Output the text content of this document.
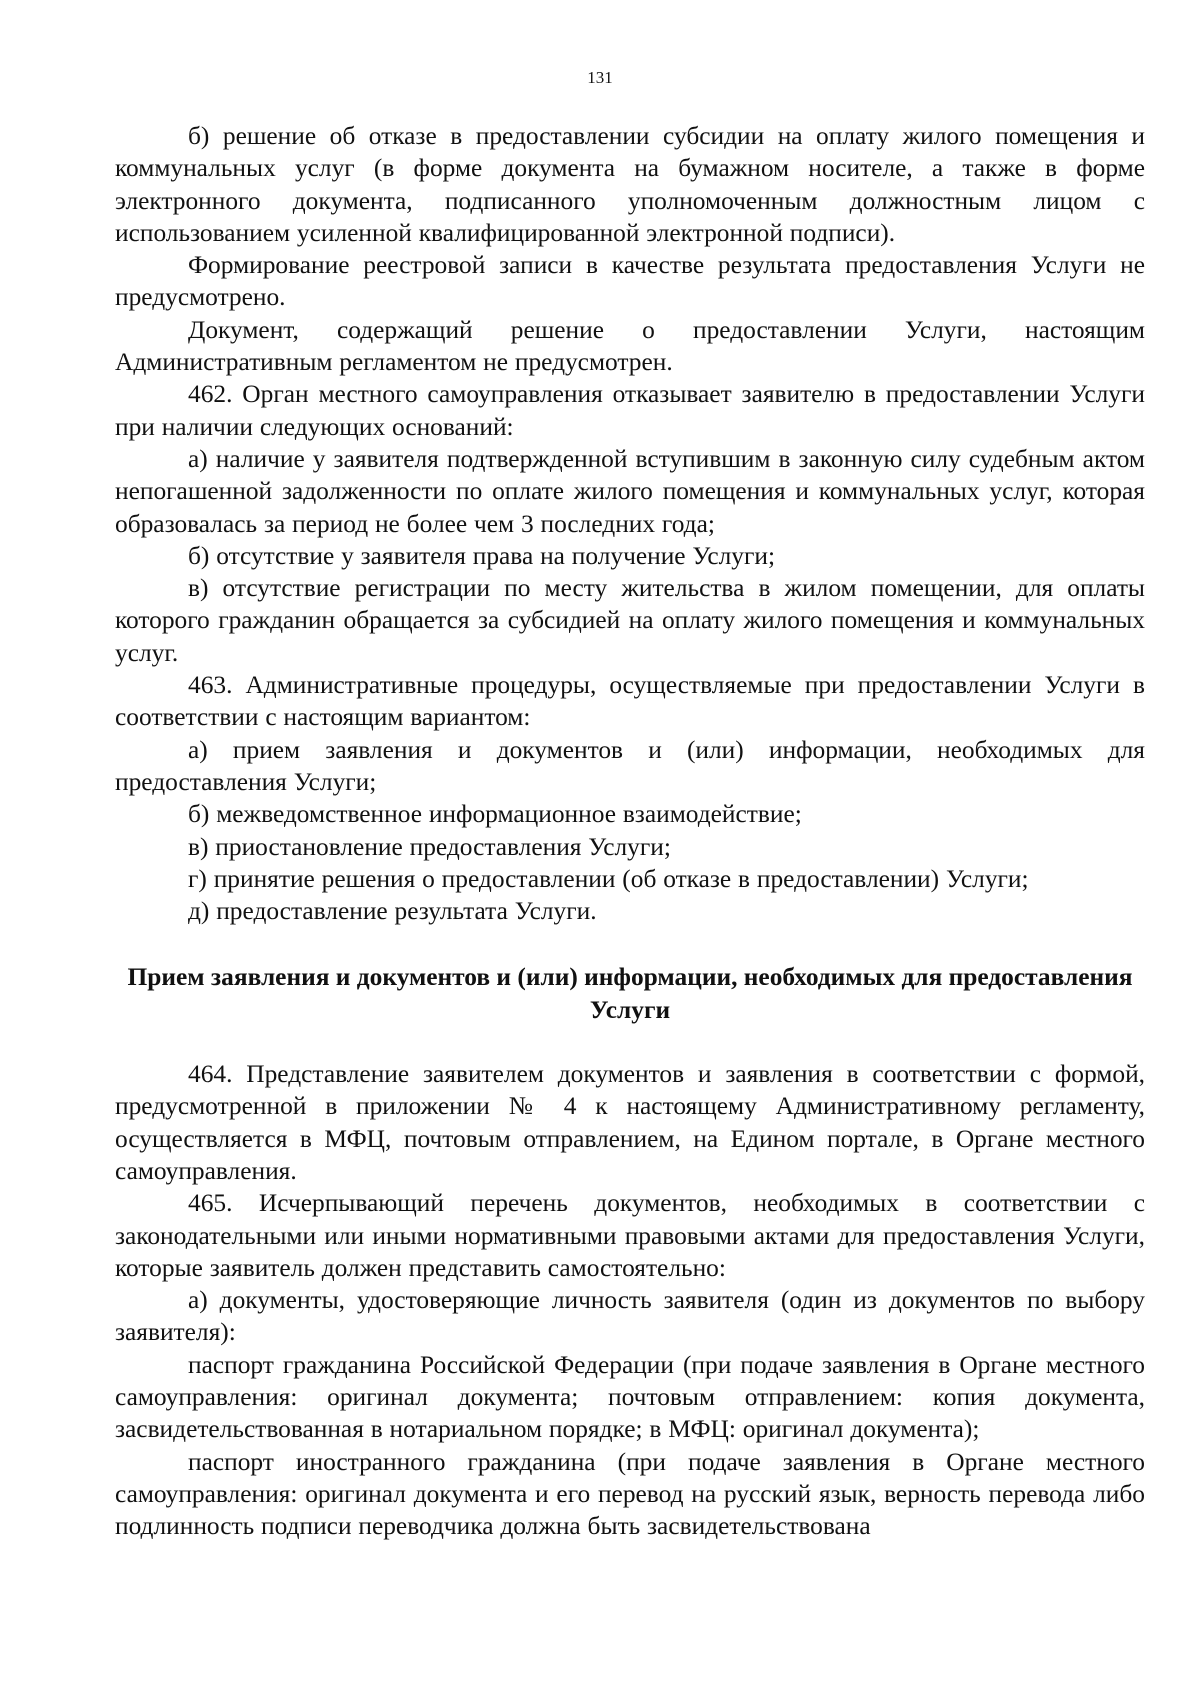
131

б) решение об отказе в предоставлении субсидии на оплату жилого помещения и коммунальных услуг (в форме документа на бумажном носителе, а также в форме электронного документа, подписанного уполномоченным должностным лицом с использованием усиленной квалифицированной электронной подписи).

Формирование реестровой записи в качестве результата предоставления Услуги не предусмотрено.

Документ, содержащий решение о предоставлении Услуги, настоящим Административным регламентом не предусмотрен.

462. Орган местного самоуправления отказывает заявителю в предоставлении Услуги при наличии следующих оснований:

а) наличие у заявителя подтвержденной вступившим в законную силу судебным актом непогашенной задолженности по оплате жилого помещения и коммунальных услуг, которая образовалась за период не более чем 3 последних года;

б) отсутствие у заявителя права на получение Услуги;

в) отсутствие регистрации по месту жительства в жилом помещении, для оплаты которого гражданин обращается за субсидией на оплату жилого помещения и коммунальных услуг.

463. Административные процедуры, осуществляемые при предоставлении Услуги в соответствии с настоящим вариантом:

а) прием заявления и документов и (или) информации, необходимых для предоставления Услуги;

б) межведомственное информационное взаимодействие;

в) приостановление предоставления Услуги;

г) принятие решения о предоставлении (об отказе в предоставлении) Услуги;

д) предоставление результата Услуги.

Прием заявления и документов и (или) информации, необходимых для предоставления Услуги

464. Представление заявителем документов и заявления в соответствии с формой, предусмотренной в приложении № 4 к настоящему Административному регламенту, осуществляется в МФЦ, почтовым отправлением, на Едином портале, в Органе местного самоуправления.

465. Исчерпывающий перечень документов, необходимых в соответствии с законодательными или иными нормативными правовыми актами для предоставления Услуги, которые заявитель должен представить самостоятельно:

а) документы, удостоверяющие личность заявителя (один из документов по выбору заявителя):

паспорт гражданина Российской Федерации (при подаче заявления в Органе местного самоуправления: оригинал документа; почтовым отправлением: копия документа, засвидетельствованная в нотариальном порядке; в МФЦ: оригинал документа);

паспорт иностранного гражданина (при подаче заявления в Органе местного самоуправления: оригинал документа и его перевод на русский язык, верность перевода либо подлинность подписи переводчика должна быть засвидетельствована
